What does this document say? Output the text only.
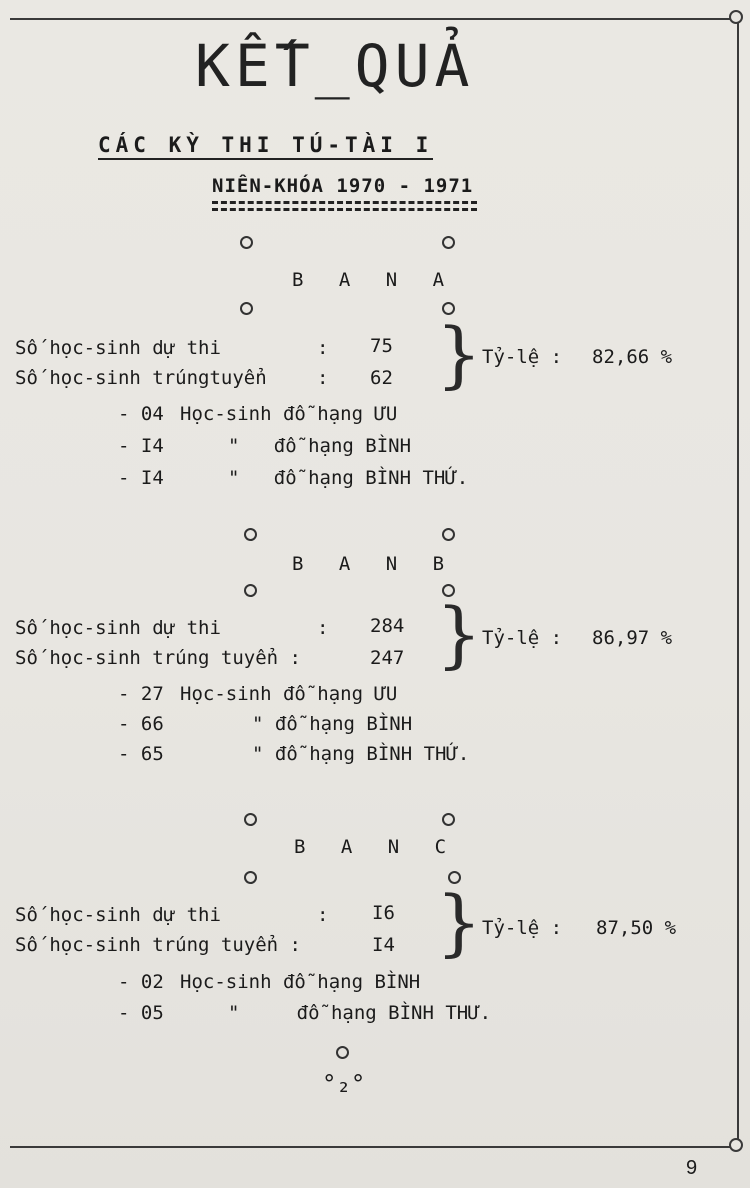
KẾT_QUẢ
CÁC KỲ THI TÚ-TÀI I
NIÊN-KHÓA 1970 - 1971
B A N A
Số học-sinh dự thi	: 75
Số học-sinh trúngtuyển	: 62 } Tỷ-lệ : 82,66 %
- 04 Học-sinh đỗ hạng ƯU
- I4	"   đỗ hạng BÌNH
- I4	"   đỗ hạng BÌNH THỨ.
B A N B
Số học-sinh dự thi	: 284
Số học-sinh trúng tuyển :	247 } Tỷ-lệ : 86,97 %
- 27 Học-sinh đỗ hạng ƯU
- 66	" đỗ hạng BÌNH
- 65	" đỗ hạng BÌNH THỨ.
B A N C
Số học-sinh dự thi	: I6
Số học-sinh trúng tuyển :	I4 } Tỷ-lệ : 87,50 %
- 02 Học-sinh đỗ hạng BÌNH
- 05	"     đỗ hạng BÌNH THƯ.
°₂°
9
